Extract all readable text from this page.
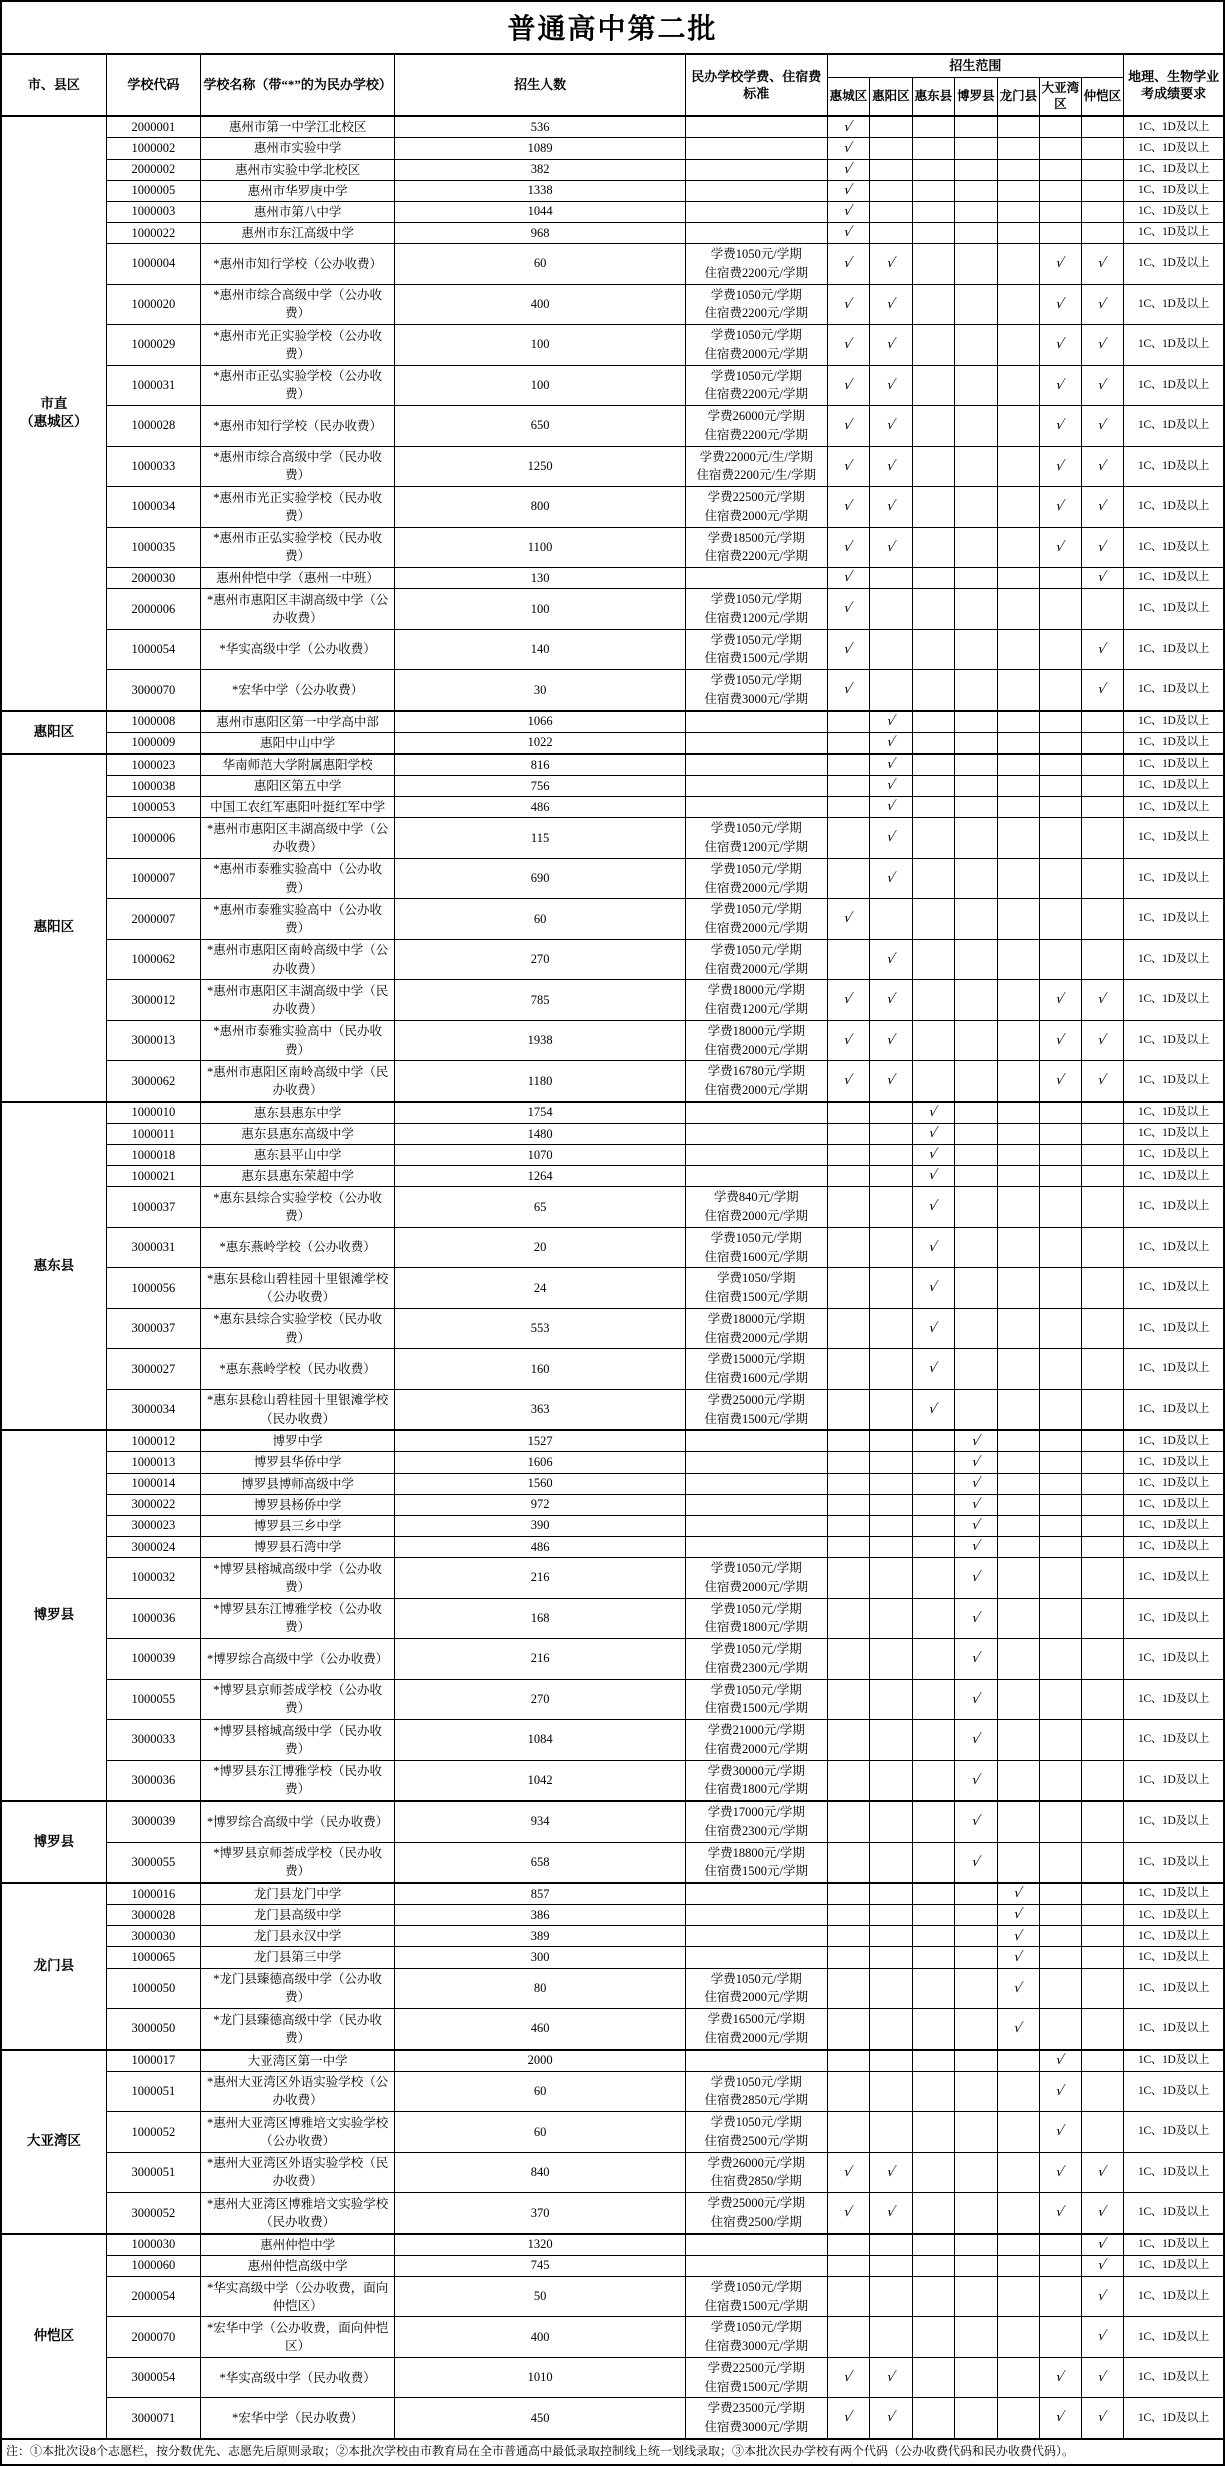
普通高中第二批
市、县区	学校代码	学校名称（带“*”的为民办学校）	招生人数	民办学校学费、住宿费标准	招生范围							地理、生物学业考成绩要求
					惠城区	惠阳区	惠东县	博罗县	龙门县	大亚湾区	仲恺区	

市直
（惠城区）	2000001	惠州市第一中学江北校区	536		√							1C、1D及以上
	1000002	惠州市实验中学	1089		√							1C、1D及以上
	2000002	惠州市实验中学北校区	382		√							1C、1D及以上
	1000005	惠州市华罗庚中学	1338		√							1C、1D及以上
	1000003	惠州市第八中学	1044		√							1C、1D及以上
	1000022	惠州市东江高级中学	968		√							1C、1D及以上
	1000004	*惠州市知行学校（公办收费）	60	学费1050元/学期
住宿费2200元/学期	√	√				√	√	1C、1D及以上
	1000020	*惠州市综合高级中学（公办收费）	400	学费1050元/学期
住宿费2200元/学期	√	√				√	√	1C、1D及以上
	1000029	*惠州市光正实验学校（公办收费）	100	学费1050元/学期
住宿费2000元/学期	√	√				√	√	1C、1D及以上
	1000031	*惠州市正弘实验学校（公办收费）	100	学费1050元/学期
住宿费2200元/学期	√	√				√	√	1C、1D及以上
	1000028	*惠州市知行学校（民办收费）	650	学费26000元/学期
住宿费2200元/学期	√	√				√	√	1C、1D及以上
	1000033	*惠州市综合高级中学（民办收费）	1250	学费22000元/生/学期
住宿费2200元/生/学期	√	√				√	√	1C、1D及以上
	1000034	*惠州市光正实验学校（民办收费）	800	学费22500元/学期
住宿费2000元/学期	√	√				√	√	1C、1D及以上
	1000035	*惠州市正弘实验学校（民办收费）	1100	学费18500元/学期
住宿费2200元/学期	√	√				√	√	1C、1D及以上
	2000030	惠州仲恺中学（惠州一中班）	130		√						√	1C、1D及以上
	2000006	*惠州市惠阳区丰湖高级中学（公办收费）	100	学费1050元/学期
住宿费1200元/学期	√							1C、1D及以上
	1000054	*华实高级中学（公办收费）	140	学费1050元/学期
住宿费1500元/学期	√						√	1C、1D及以上
	3000070	*宏华中学（公办收费）	30	学费1050元/学期
住宿费3000元/学期	√						√	1C、1D及以上

惠阳区	1000008	惠州市惠阳区第一中学高中部	1066			√						1C、1D及以上
	1000009	惠阳中山中学	1022			√						1C、1D及以上

惠阳区	1000023	华南师范大学附属惠阳学校	816			√						1C、1D及以上
	1000038	惠阳区第五中学	756			√						1C、1D及以上
	1000053	中国工农红军惠阳叶挺红军中学	486			√						1C、1D及以上
	1000006	*惠州市惠阳区丰湖高级中学（公办收费）	115	学费1050元/学期
住宿费1200元/学期		√						1C、1D及以上
	1000007	*惠州市泰雅实验高中（公办收费）	690	学费1050元/学期
住宿费2000元/学期		√						1C、1D及以上
	2000007	*惠州市泰雅实验高中（公办收费）	60	学费1050元/学期
住宿费2000元/学期	√							1C、1D及以上
	1000062	*惠州市惠阳区南岭高级中学（公办收费）	270	学费1050元/学期
住宿费2000元/学期		√						1C、1D及以上
	3000012	*惠州市惠阳区丰湖高级中学（民办收费）	785	学费18000元/学期
住宿费1200元/学期	√	√				√	√	1C、1D及以上
	3000013	*惠州市泰雅实验高中（民办收费）	1938	学费18000元/学期
住宿费2000元/学期	√	√				√	√	1C、1D及以上
	3000062	*惠州市惠阳区南岭高级中学（民办收费）	1180	学费16780元/学期
住宿费2000元/学期	√	√				√	√	1C、1D及以上

惠东县	1000010	惠东县惠东中学	1754				√					1C、1D及以上
	1000011	惠东县惠东高级中学	1480				√					1C、1D及以上
	1000018	惠东县平山中学	1070				√					1C、1D及以上
	1000021	惠东县惠东荣超中学	1264				√					1C、1D及以上
	1000037	*惠东县综合实验学校（公办收费）	65	学费840元/学期
住宿费2000元/学期			√					1C、1D及以上
	3000031	*惠东燕岭学校（公办收费）	20	学费1050元/学期
住宿费1600元/学期			√					1C、1D及以上
	1000056	*惠东县稔山碧桂园十里银滩学校（公办收费）	24	学费1050/学期
住宿费1500元/学期			√					1C、1D及以上
	3000037	*惠东县综合实验学校（民办收费）	553	学费18000元/学期
住宿费2000元/学期			√					1C、1D及以上
	3000027	*惠东燕岭学校（民办收费）	160	学费15000元/学期
住宿费1600元/学期			√					1C、1D及以上
	3000034	*惠东县稔山碧桂园十里银滩学校（民办收费）	363	学费25000元/学期
住宿费1500元/学期			√					1C、1D及以上

博罗县	1000012	博罗中学	1527					√				1C、1D及以上
	1000013	博罗县华侨中学	1606					√				1C、1D及以上
	1000014	博罗县博师高级中学	1560					√				1C、1D及以上
	3000022	博罗县杨侨中学	972					√				1C、1D及以上
	3000023	博罗县三乡中学	390					√				1C、1D及以上
	3000024	博罗县石湾中学	486					√				1C、1D及以上
	1000032	*博罗县榕城高级中学（公办收费）	216	学费1050元/学期
住宿费2000元/学期				√				1C、1D及以上
	1000036	*博罗县东江博雅学校（公办收费）	168	学费1050元/学期
住宿费1800元/学期				√				1C、1D及以上
	1000039	*博罗综合高级中学（公办收费）	216	学费1050元/学期
住宿费2300元/学期				√				1C、1D及以上
	1000055	*博罗县京师荟成学校（公办收费）	270	学费1050元/学期
住宿费1500元/学期				√				1C、1D及以上
	3000033	*博罗县榕城高级中学（民办收费）	1084	学费21000元/学期
住宿费2000元/学期				√				1C、1D及以上
	3000036	*博罗县东江博雅学校（民办收费）	1042	学费30000元/学期
住宿费1800元/学期				√				1C、1D及以上

博罗县	3000039	*博罗综合高级中学（民办收费）	934	学费17000元/学期
住宿费2300元/学期				√				1C、1D及以上
	3000055	*博罗县京师荟成学校（民办收费）	658	学费18800元/学期
住宿费1500元/学期				√				1C、1D及以上

龙门县	1000016	龙门县龙门中学	857						√			1C、1D及以上
	3000028	龙门县高级中学	386						√			1C、1D及以上
	3000030	龙门县永汉中学	389						√			1C、1D及以上
	1000065	龙门县第三中学	300						√			1C、1D及以上
	1000050	*龙门县臻德高级中学（公办收费）	80	学费1050元/学期
住宿费2000元/学期					√			1C、1D及以上
	3000050	*龙门县臻德高级中学（民办收费）	460	学费16500元/学期
住宿费2000元/学期					√			1C、1D及以上

大亚湾区	1000017	大亚湾区第一中学	2000							√		1C、1D及以上
	1000051	*惠州大亚湾区外语实验学校（公办收费）	60	学费1050元/学期
住宿费2850元/学期						√		1C、1D及以上
	1000052	*惠州大亚湾区博雅培文实验学校（公办收费）	60	学费1050元/学期
住宿费2500元/学期						√		1C、1D及以上
	3000051	*惠州大亚湾区外语实验学校（民办收费）	840	学费26000元/学期
住宿费2850/学期	√	√				√	√	1C、1D及以上
	3000052	*惠州大亚湾区博雅培文实验学校（民办收费）	370	学费25000元/学期
住宿费2500/学期	√	√				√	√	1C、1D及以上

仲恺区	1000030	惠州仲恺中学	1320								√	1C、1D及以上
	1000060	惠州仲恺高级中学	745								√	1C、1D及以上
	2000054	*华实高级中学（公办收费，面向仲恺区）	50	学费1050元/学期
住宿费1500元/学期							√	1C、1D及以上
	2000070	*宏华中学（公办收费，面向仲恺区）	400	学费1050元/学期
住宿费3000元/学期							√	1C、1D及以上
	3000054	*华实高级中学（民办收费）	1010	学费22500元/学期
住宿费1500元/学期	√	√				√	√	1C、1D及以上
	3000071	*宏华中学（民办收费）	450	学费23500元/学期
住宿费3000元/学期	√	√				√	√	1C、1D及以上
注：①本批次设8个志愿栏，按分数优先、志愿先后原则录取；②本批次学校由市教育局在全市普通高中最低录取控制线上统一划线录取；③本批次民办学校有两个代码（公办收费代码和民办收费代码）。
